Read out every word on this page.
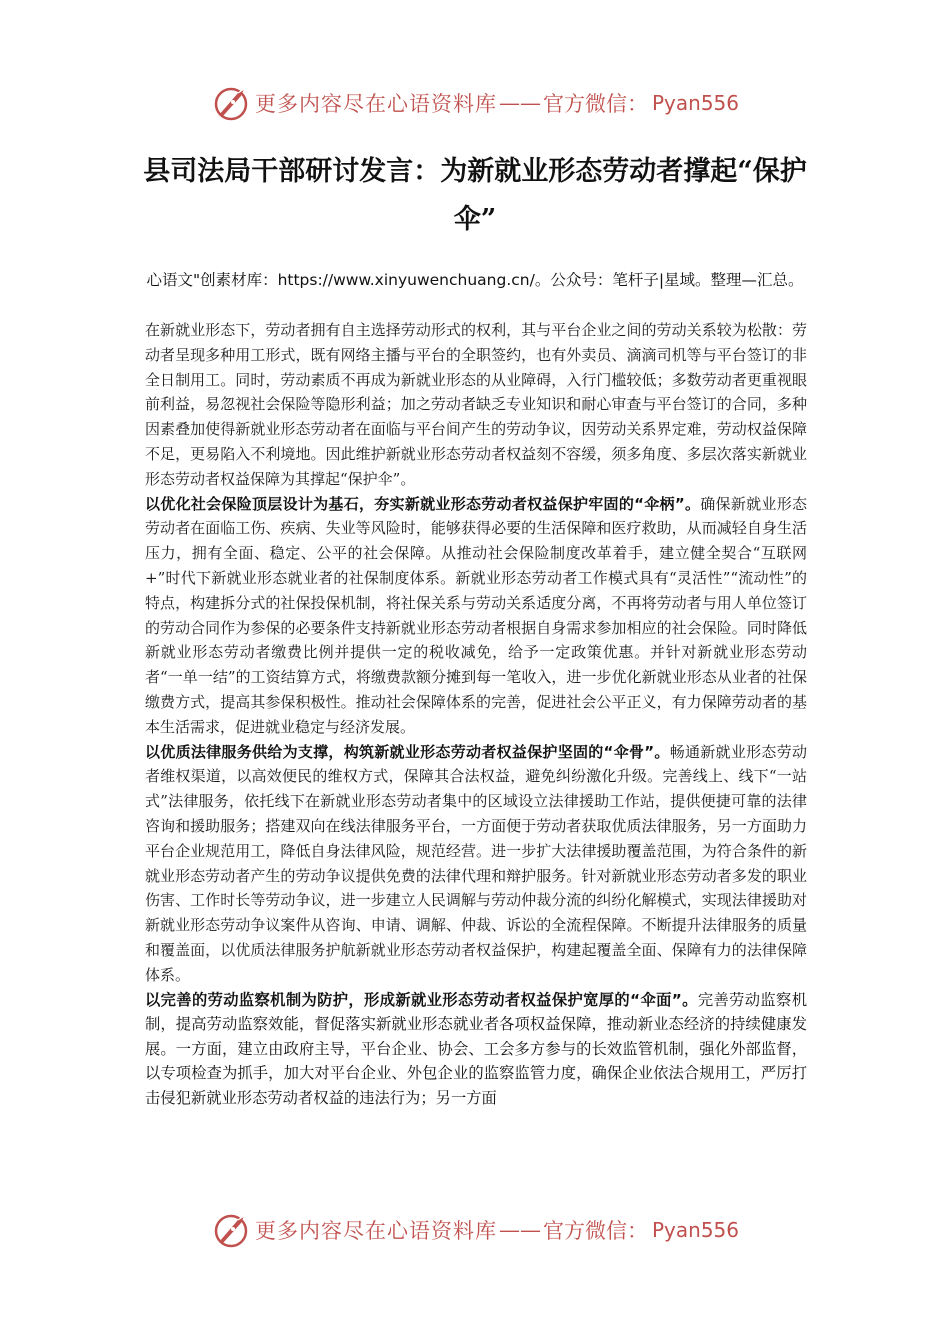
更多内容尽在心语资料库 —— 官方微信： Pyan556
县司法局干部研讨发言：为新就业形态劳动者撑起“保护伞”
心语文"创素材库：https://www.xinyuwenchuang.cn/。公众号：笔杆子|星域。整理—汇总。

在新就业形态下，劳动者拥有自主选择劳动形式的权利，其与平台企业之间的劳动关系较为松散：劳动者呈现多种用工形式，既有网络主播与平台的全职签约，也有外卖员、滴滴司机等与平台签订的非全日制用工。同时，劳动素质不再成为新就业形态的从业障碍，入行门槛较低；多数劳动者更重视眼前利益，易忽视社会保险等隐形利益；加之劳动者缺乏专业知识和耐心审查与平台签订的合同，多种因素叠加使得新就业形态劳动者在面临与平台间产生的劳动争议，因劳动关系界定难，劳动权益保障不足，更易陷入不利境地。因此维护新就业形态劳动者权益刻不容缓，须多角度、多层次落实新就业形态劳动者权益保障为其撑起“保护伞”。

以优化社会保险顶层设计为基石，夯实新就业形态劳动者权益保护牢固的“伞柄”。确保新就业形态劳动者在面临工伤、疾病、失业等风险时，能够获得必要的生活保障和医疗救助，从而减轻自身生活压力，拥有全面、稳定、公平的社会保障。从推动社会保险制度改革着手，建立健全契合“互联网+”时代下新就业形态就业者的社保制度体系。新就业形态劳动者工作模式具有“灵活性”“流动性”的特点，构建拆分式的社保投保机制，将社保关系与劳动关系适度分离，不再将劳动者与用人单位签订的劳动合同作为参保的必要条件支持新就业形态劳动者根据自身需求参加相应的社会保险。同时降低新就业形态劳动者缴费比例并提供一定的税收减免，给予一定政策优惠。并针对新就业形态劳动者“一单一结”的工资结算方式，将缴费款额分摊到每一笔收入，进一步优化新就业形态从业者的社保缴费方式，提高其参保积极性。推动社会保障体系的完善，促进社会公平正义，有力保障劳动者的基本生活需求，促进就业稳定与经济发展。

以优质法律服务供给为支撑，构筑新就业形态劳动者权益保护坚固的“伞骨”。畅通新就业形态劳动者维权渠道，以高效便民的维权方式，保障其合法权益，避免纠纷激化升级。完善线上、线下“一站式”法律服务，依托线下在新就业形态劳动者集中的区域设立法律援助工作站，提供便捷可靠的法律咨询和援助服务；搭建双向在线法律服务平台，一方面便于劳动者获取优质法律服务，另一方面助力平台企业规范用工，降低自身法律风险，规范经营。进一步扩大法律援助覆盖范围，为符合条件的新就业形态劳动者产生的劳动争议提供免费的法律代理和辩护服务。针对新就业形态劳动者多发的职业伤害、工作时长等劳动争议，进一步建立人民调解与劳动仲裁分流的纠纷化解模式，实现法律援助对新就业形态劳动争议案件从咨询、申请、调解、仲裁、诉讼的全流程保障。不断提升法律服务的质量和覆盖面，以优质法律服务护航新就业形态劳动者权益保护，构建起覆盖全面、保障有力的法律保障体系。

以完善的劳动监察机制为防护，形成新就业形态劳动者权益保护宽厚的“伞面”。完善劳动监察机制，提高劳动监察效能，督促落实新就业形态就业者各项权益保障，推动新业态经济的持续健康发展。一方面，建立由政府主导，平台企业、协会、工会多方参与的长效监管机制，强化外部监督，以专项检查为抓手，加大对平台企业、外包企业的监察监管力度，确保企业依法合规用工，严厉打击侵犯新就业形态劳动者权益的违法行为；另一方面

更多内容尽在心语资料库 —— 官方微信： Pyan556
